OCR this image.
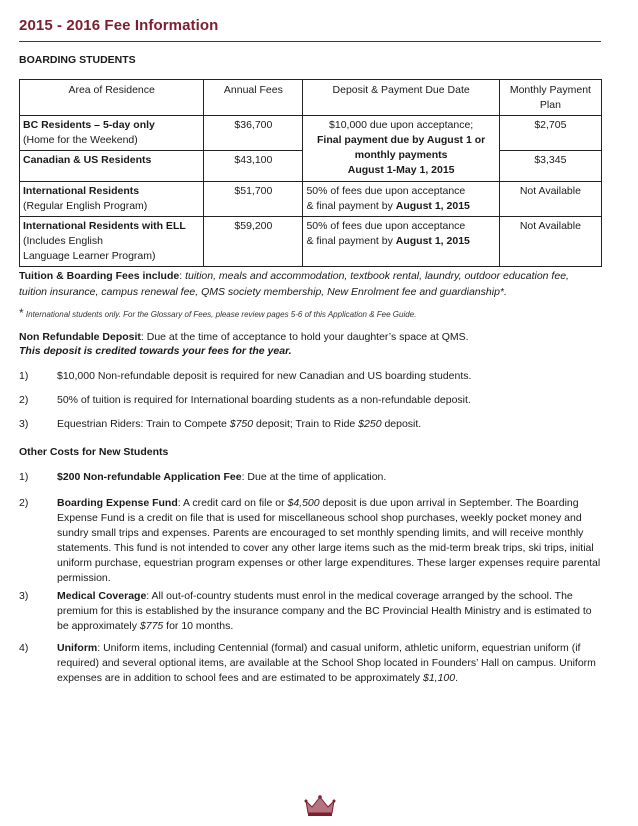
2015 - 2016 Fee Information
BOARDING STUDENTS
Area of Residence	Annual Fees	Deposit & Payment Due Date	Monthly Payment Plan
BC Residents – 5-day only
(Home for the Weekend)	$36,700	$10,000 due upon acceptance;
Final payment due by August 1 or
monthly payments
August 1-May 1, 2015	$2,705
Canadian & US Residents	$43,100		$3,345
International Residents
(Regular English Program)	$51,700	50% of fees due upon acceptance
& final payment by August 1, 2015	Not Available
International Residents with ELL
(Includes English
Language Learner Program)	$59,200	50% of fees due upon acceptance
& final payment by August 1, 2015	Not Available
Tuition & Boarding Fees include: tuition, meals and accommodation, textbook rental, laundry, outdoor education fee, tuition insurance, campus renewal fee, QMS society membership, New Enrolment fee and guardianship*.
* International students only. For the Glossary of Fees, please review pages 5-6 of this Application & Fee Guide.
Non Refundable Deposit: Due at the time of acceptance to hold your daughter’s space at QMS.
This deposit is credited towards your fees for the year.
1)	$10,000 Non-refundable deposit is required for new Canadian and US boarding students.
2)	50% of tuition is required for International boarding students as a non-refundable deposit.
3)	Equestrian Riders: Train to Compete $750 deposit; Train to Ride $250 deposit.
Other Costs for New Students
1)	$200 Non-refundable Application Fee: Due at the time of application.
2)	Boarding Expense Fund: A credit card on file or $4,500 deposit is due upon arrival in September. The Boarding Expense Fund is a credit on file that is used for miscellaneous school shop purchases, weekly pocket money and sundry small trips and expenses. Parents are encouraged to set monthly spending limits, and will receive monthly statements. This fund is not intended to cover any other large items such as the mid-term break trips, ski trips, initial uniform purchase, equestrian program expenses or other large expenditures. These larger expenses require parental permission.
3)	Medical Coverage: All out-of-country students must enrol in the medical coverage arranged by the school. The premium for this is established by the insurance company and the BC Provincial Health Ministry and is estimated to be approximately $775 for 10 months.
4)	Uniform: Uniform items, including Centennial (formal) and casual uniform, athletic uniform, equestrian uniform (if required) and several optional items, are available at the School Shop located in Founders’ Hall on campus. Uniform expenses are in addition to school fees and are estimated to be approximately $1,100.
